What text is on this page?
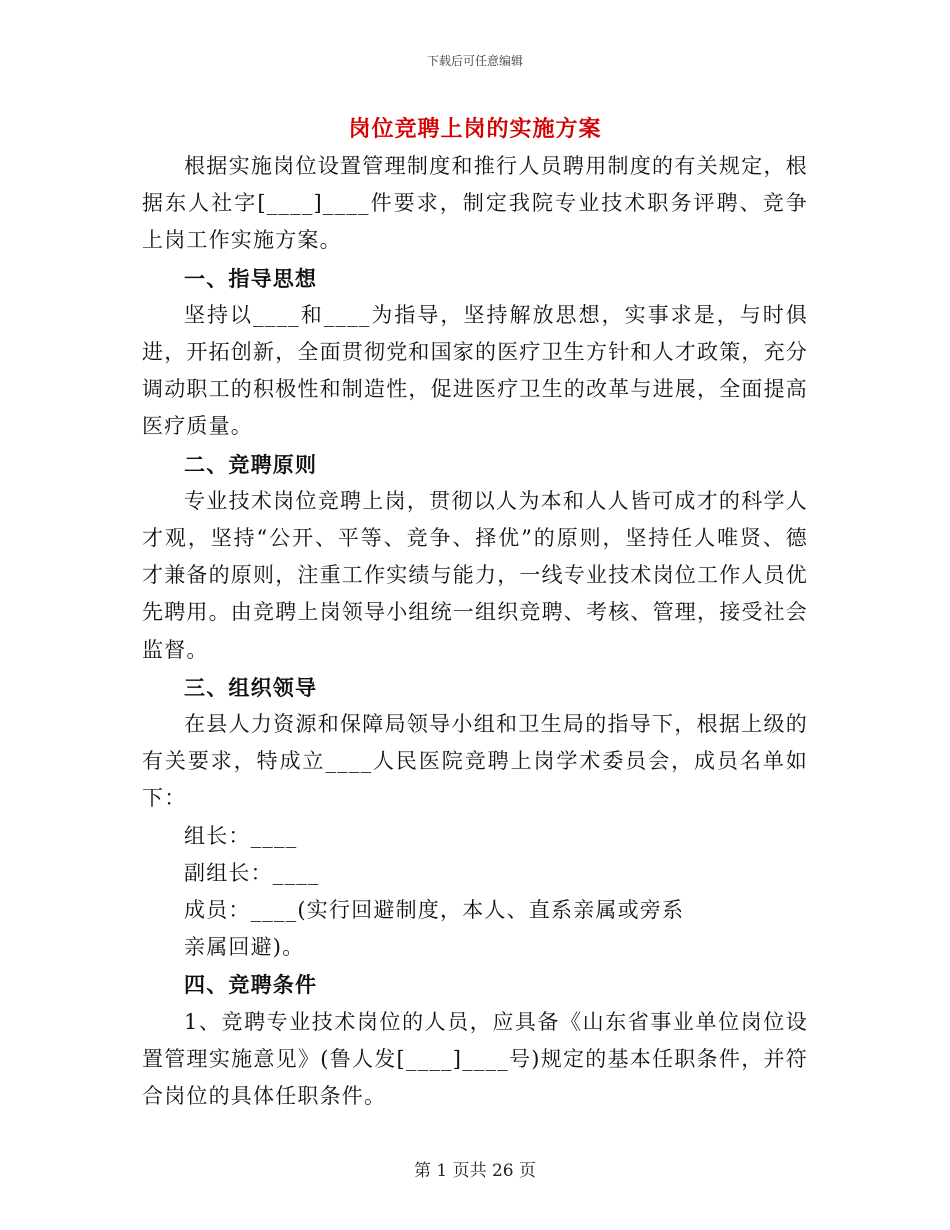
下载后可任意编辑
岗位竞聘上岗的实施方案

根据实施岗位设置管理制度和推行人员聘用制度的有关规定，根据东人社字[____]____件要求，制定我院专业技术职务评聘、竞争上岗工作实施方案。

一、指导思想

坚持以____和____为指导，坚持解放思想，实事求是，与时俱进，开拓创新，全面贯彻党和国家的医疗卫生方针和人才政策，充分调动职工的积极性和制造性，促进医疗卫生的改革与进展，全面提高医疗质量。

二、竞聘原则

专业技术岗位竞聘上岗，贯彻以人为本和人人皆可成才的科学人才观，坚持“公开、平等、竞争、择优”的原则，坚持任人唯贤、德才兼备的原则，注重工作实绩与能力，一线专业技术岗位工作人员优先聘用。由竞聘上岗领导小组统一组织竞聘、考核、管理，接受社会监督。

三、组织领导

在县人力资源和保障局领导小组和卫生局的指导下，根据上级的有关要求，特成立____人民医院竞聘上岗学术委员会，成员名单如下：

组长：____

副组长：____

成员：____(实行回避制度，本人、直系亲属或旁系

亲属回避)。

四、竞聘条件

1、竞聘专业技术岗位的人员，应具备《山东省事业单位岗位设置管理实施意见》(鲁人发[____]____号)规定的基本任职条件，并符合岗位的具体任职条件。

第 1 页共 26 页
